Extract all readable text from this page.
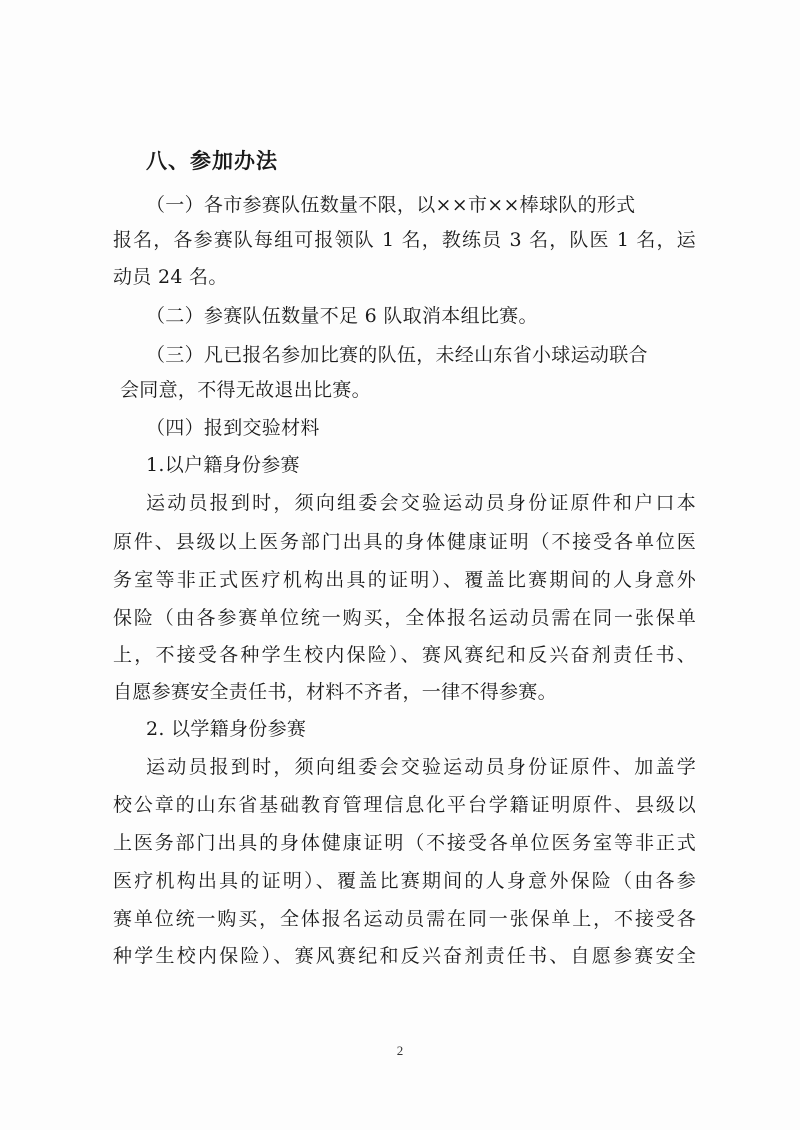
八、参加办法
（一）各市参赛队伍数量不限，以××市××棒球队的形式
报名，各参赛队每组可报领队 1 名，教练员 3 名，队医 1 名，运
动员 24 名。
（二）参赛队伍数量不足 6 队取消本组比赛。
（三）凡已报名参加比赛的队伍，未经山东省小球运动联合
会同意，不得无故退出比赛。
（四）报到交验材料
1.以户籍身份参赛
运动员报到时，须向组委会交验运动员身份证原件和户口本
原件、县级以上医务部门出具的身体健康证明（不接受各单位医
务室等非正式医疗机构出具的证明）、覆盖比赛期间的人身意外
保险（由各参赛单位统一购买，全体报名运动员需在同一张保单
上，不接受各种学生校内保险）、赛风赛纪和反兴奋剂责任书、
自愿参赛安全责任书，材料不齐者，一律不得参赛。
2. 以学籍身份参赛
运动员报到时，须向组委会交验运动员身份证原件、加盖学
校公章的山东省基础教育管理信息化平台学籍证明原件、县级以
上医务部门出具的身体健康证明（不接受各单位医务室等非正式
医疗机构出具的证明）、覆盖比赛期间的人身意外保险（由各参
赛单位统一购买，全体报名运动员需在同一张保单上，不接受各
种学生校内保险）、赛风赛纪和反兴奋剂责任书、自愿参赛安全
2
